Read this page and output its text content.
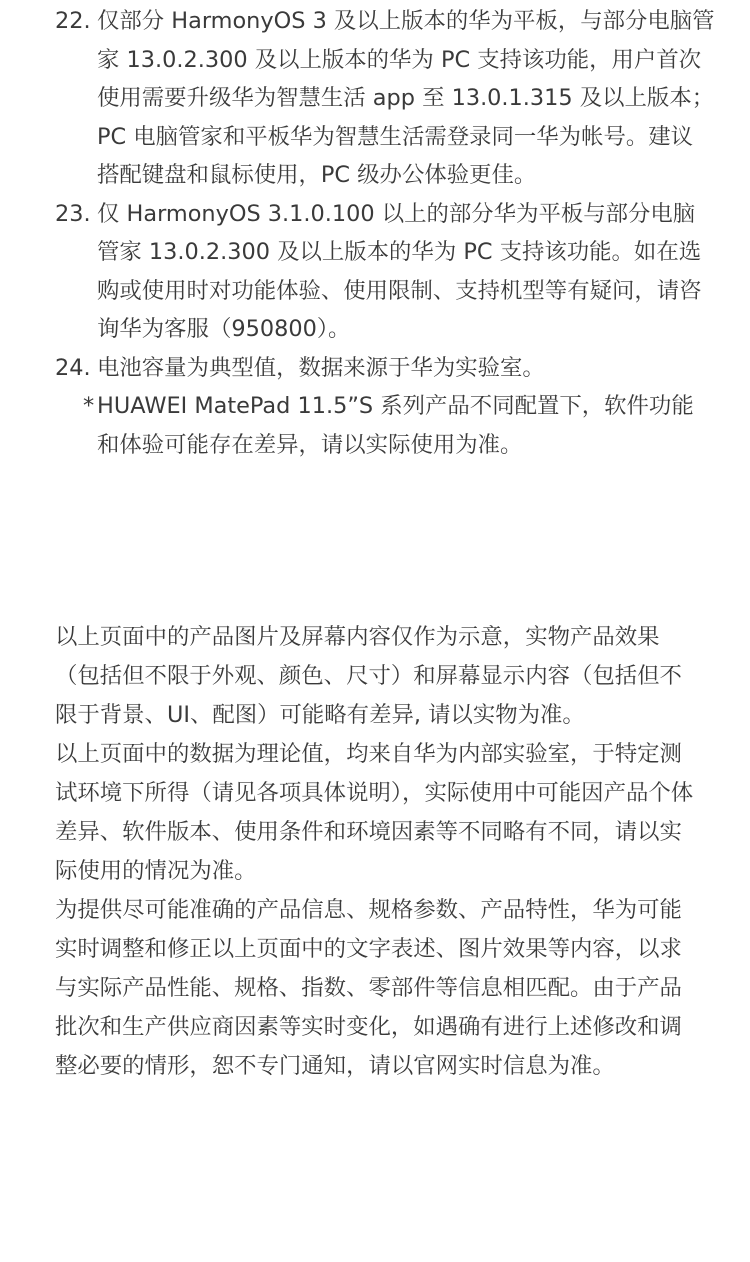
22. 仅部分 HarmonyOS 3 及以上版本的华为平板，与部分电脑管家 13.0.2.300 及以上版本的华为 PC 支持该功能，用户首次使用需要升级华为智慧生活 app 至 13.0.1.315 及以上版本；PC 电脑管家和平板华为智慧生活需登录同一华为帐号。建议搭配键盘和鼠标使用，PC 级办公体验更佳。
23. 仅 HarmonyOS 3.1.0.100 以上的部分华为平板与部分电脑管家 13.0.2.300 及以上版本的华为 PC 支持该功能。如在选购或使用时对功能体验、使用限制、支持机型等有疑问，请咨询华为客服（950800）。
24. 电池容量为典型值，数据来源于华为实验室。
* HUAWEI MatePad 11.5”S 系列产品不同配置下，软件功能和体验可能存在差异，请以实际使用为准。

以上页面中的产品图片及屏幕内容仅作为示意，实物产品效果（包括但不限于外观、颜色、尺寸）和屏幕显示内容（包括但不限于背景、UI、配图）可能略有差异, 请以实物为准。

以上页面中的数据为理论值，均来自华为内部实验室，于特定测试环境下所得（请见各项具体说明），实际使用中可能因产品个体差异、软件版本、使用条件和环境因素等不同略有不同，请以实际使用的情况为准。

为提供尽可能准确的产品信息、规格参数、产品特性，华为可能实时调整和修正以上页面中的文字表述、图片效果等内容，以求与实际产品性能、规格、指数、零部件等信息相匹配。由于产品批次和生产供应商因素等实时变化，如遇确有进行上述修改和调整必要的情形，恕不专门通知，请以官网实时信息为准。
